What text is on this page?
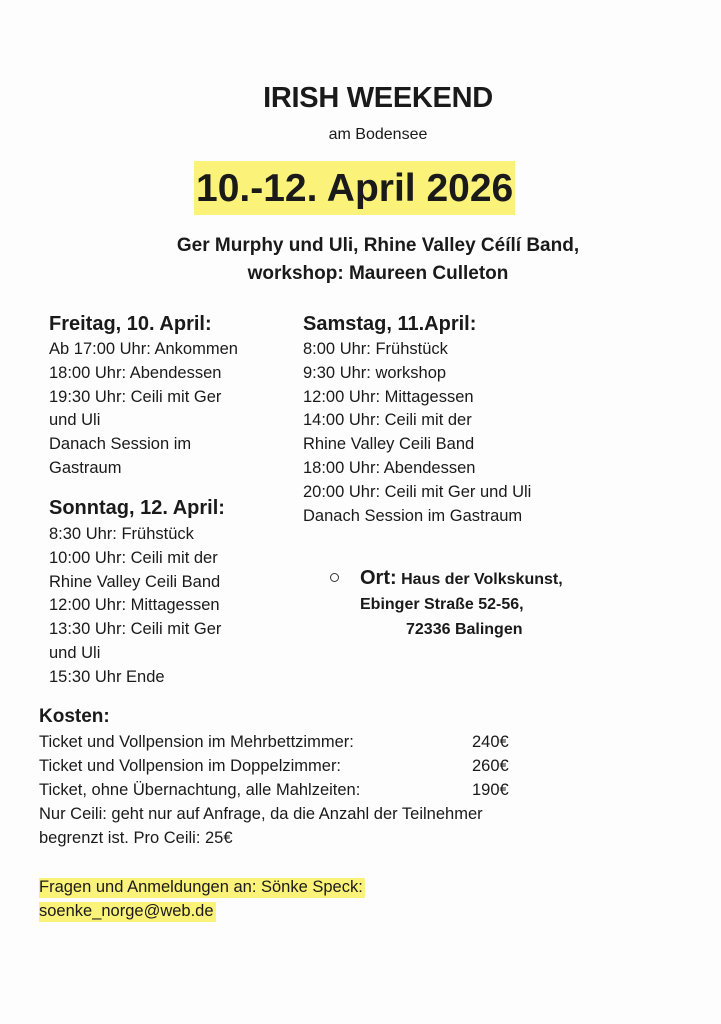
IRISH WEEKEND
am Bodensee
10.-12. April 2026
Ger Murphy und Uli, Rhine Valley Céílí Band,
workshop: Maureen Culleton
Freitag, 10. April:
Ab 17:00 Uhr: Ankommen
18:00 Uhr: Abendessen
19:30 Uhr: Ceili mit Ger
und Uli
Danach Session im
Gastraum
Sonntag, 12. April:
8:30 Uhr: Frühstück
10:00 Uhr: Ceili mit der
Rhine Valley Ceili Band
12:00 Uhr: Mittagessen
13:30 Uhr: Ceili mit Ger
und Uli
15:30 Uhr Ende
Samstag, 11.April:
8:00 Uhr: Frühstück
9:30 Uhr: workshop
12:00 Uhr: Mittagessen
14:00 Uhr: Ceili mit der
Rhine Valley Ceili Band
18:00 Uhr: Abendessen
20:00 Uhr: Ceili mit Ger und Uli
Danach Session im Gastraum
Ort: Haus der Volkskunst,
Ebinger Straße 52-56,
72336 Balingen
Kosten:
Ticket und Vollpension im Mehrbettzimmer:	240€
Ticket und Vollpension im Doppelzimmer:	260€
Ticket, ohne Übernachtung, alle Mahlzeiten:	190€
Nur Ceili: geht nur auf Anfrage, da die Anzahl der Teilnehmer
begrenzt ist. Pro Ceili: 25€
Fragen und Anmeldungen an: Sönke Speck:
soenke_norge@web.de
